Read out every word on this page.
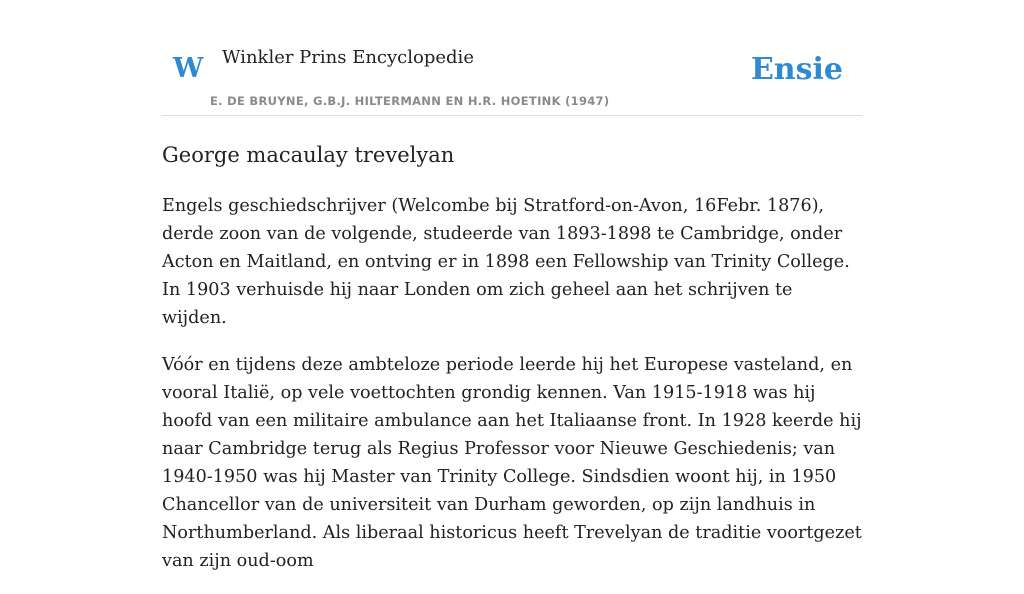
W Winkler Prins Encyclopedie
E. DE BRUYNE, G.B.J. HILTERMANN EN H.R. HOETINK (1947)
Ensie
George macaulay trevelyan

Engels geschiedschrijver (Welcombe bij Stratford-on-Avon, 16Febr. 1876), derde zoon van de volgende, studeerde van 1893-1898 te Cambridge, onder Acton en Maitland, en ontving er in 1898 een Fellowship van Trinity College. In 1903 verhuisde hij naar Londen om zich geheel aan het schrijven te wijden.

Vóór en tijdens deze ambteloze periode leerde hij het Europese vasteland, en vooral Italië, op vele voettochten grondig kennen. Van 1915-1918 was hij hoofd van een militaire ambulance aan het Italiaanse front. In 1928 keerde hij naar Cambridge terug als Regius Professor voor Nieuwe Geschiedenis; van 1940-1950 was hij Master van Trinity College. Sindsdien woont hij, in 1950 Chancellor van de universiteit van Durham geworden, op zijn landhuis in Northumberland. Als liberaal historicus heeft Trevelyan de traditie voortgezet van zijn oud-oom
